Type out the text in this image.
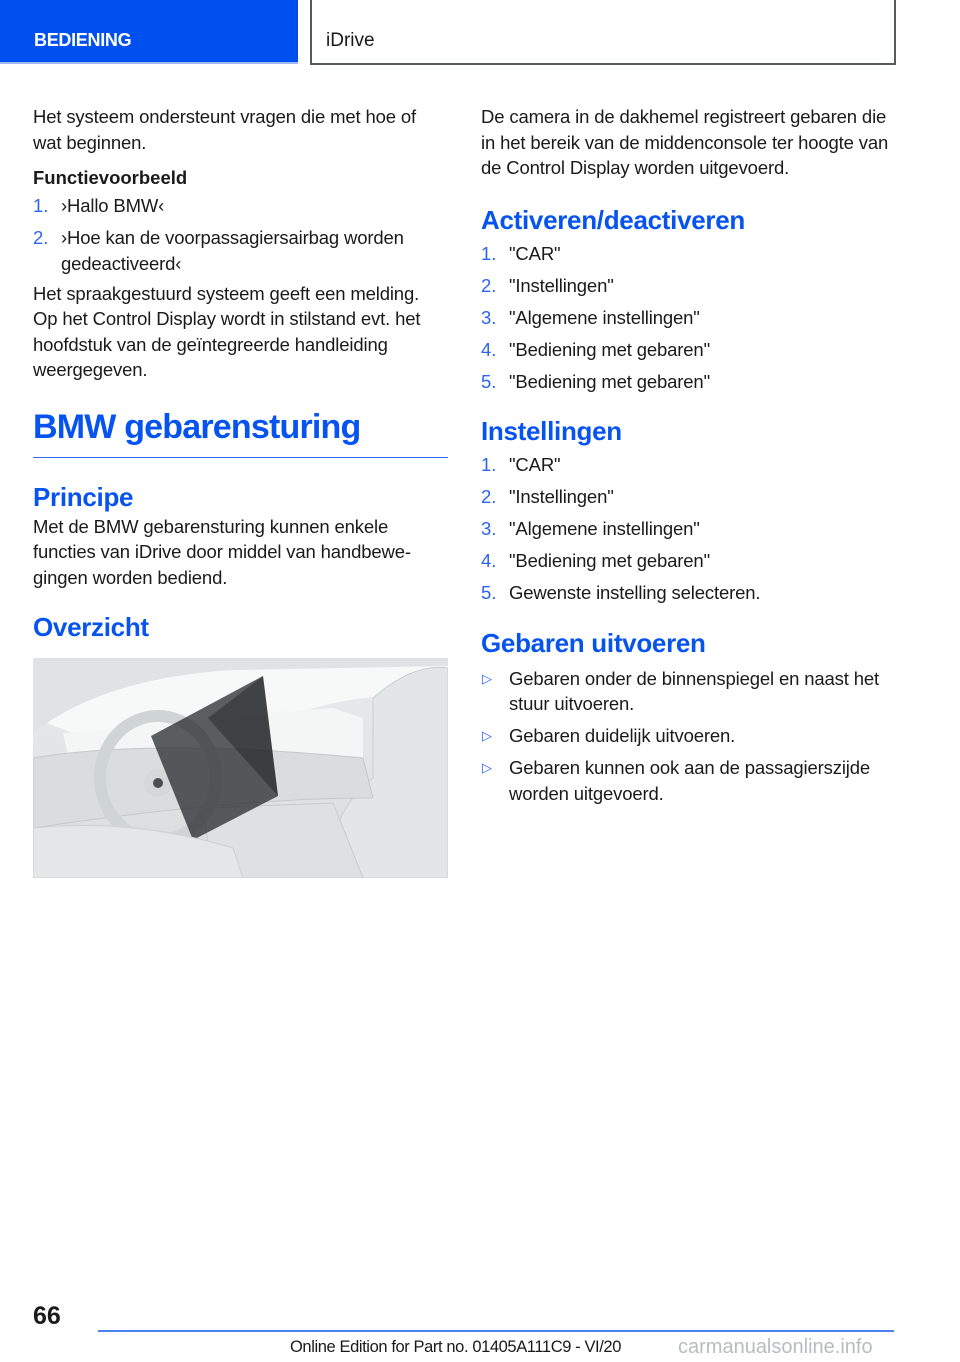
BEDIENING	iDrive

Het systeem ondersteunt vragen die met hoe of wat beginnen.

Functievoorbeeld
1. ›Hallo BMW‹
2. ›Hoe kan de voorpassagiersairbag worden gedeactiveerd‹

Het spraakgestuurd systeem geeft een melding. Op het Control Display wordt in stilstand evt. het hoofdstuk van de geïntegreerde handleiding weergegeven.

BMW gebarensturing
Principe

Met de BMW gebarensturing kunnen enkele functies van iDrive door middel van handbewegingen worden bediend.

Overzicht

De camera in de dakhemel registreert gebaren die in het bereik van de middenconsole ter hoogte van de Control Display worden uitgevoerd.

Activeren/deactiveren
1. "CAR"
2. "Instellingen"
3. "Algemene instellingen"
4. "Bediening met gebaren"
5. "Bediening met gebaren"
Instellingen
1. "CAR"
2. "Instellingen"
3. "Algemene instellingen"
4. "Bediening met gebaren"
5. Gewenste instelling selecteren.
Gebaren uitvoeren
▷ Gebaren onder de binnenspiegel en naast het stuur uitvoeren.
▷ Gebaren duidelijk uitvoeren.
▷ Gebaren kunnen ook aan de passagierszijde worden uitgevoerd.
66
Online Edition for Part no. 01405A111C9 - VI/20	carmanualsonline.info
